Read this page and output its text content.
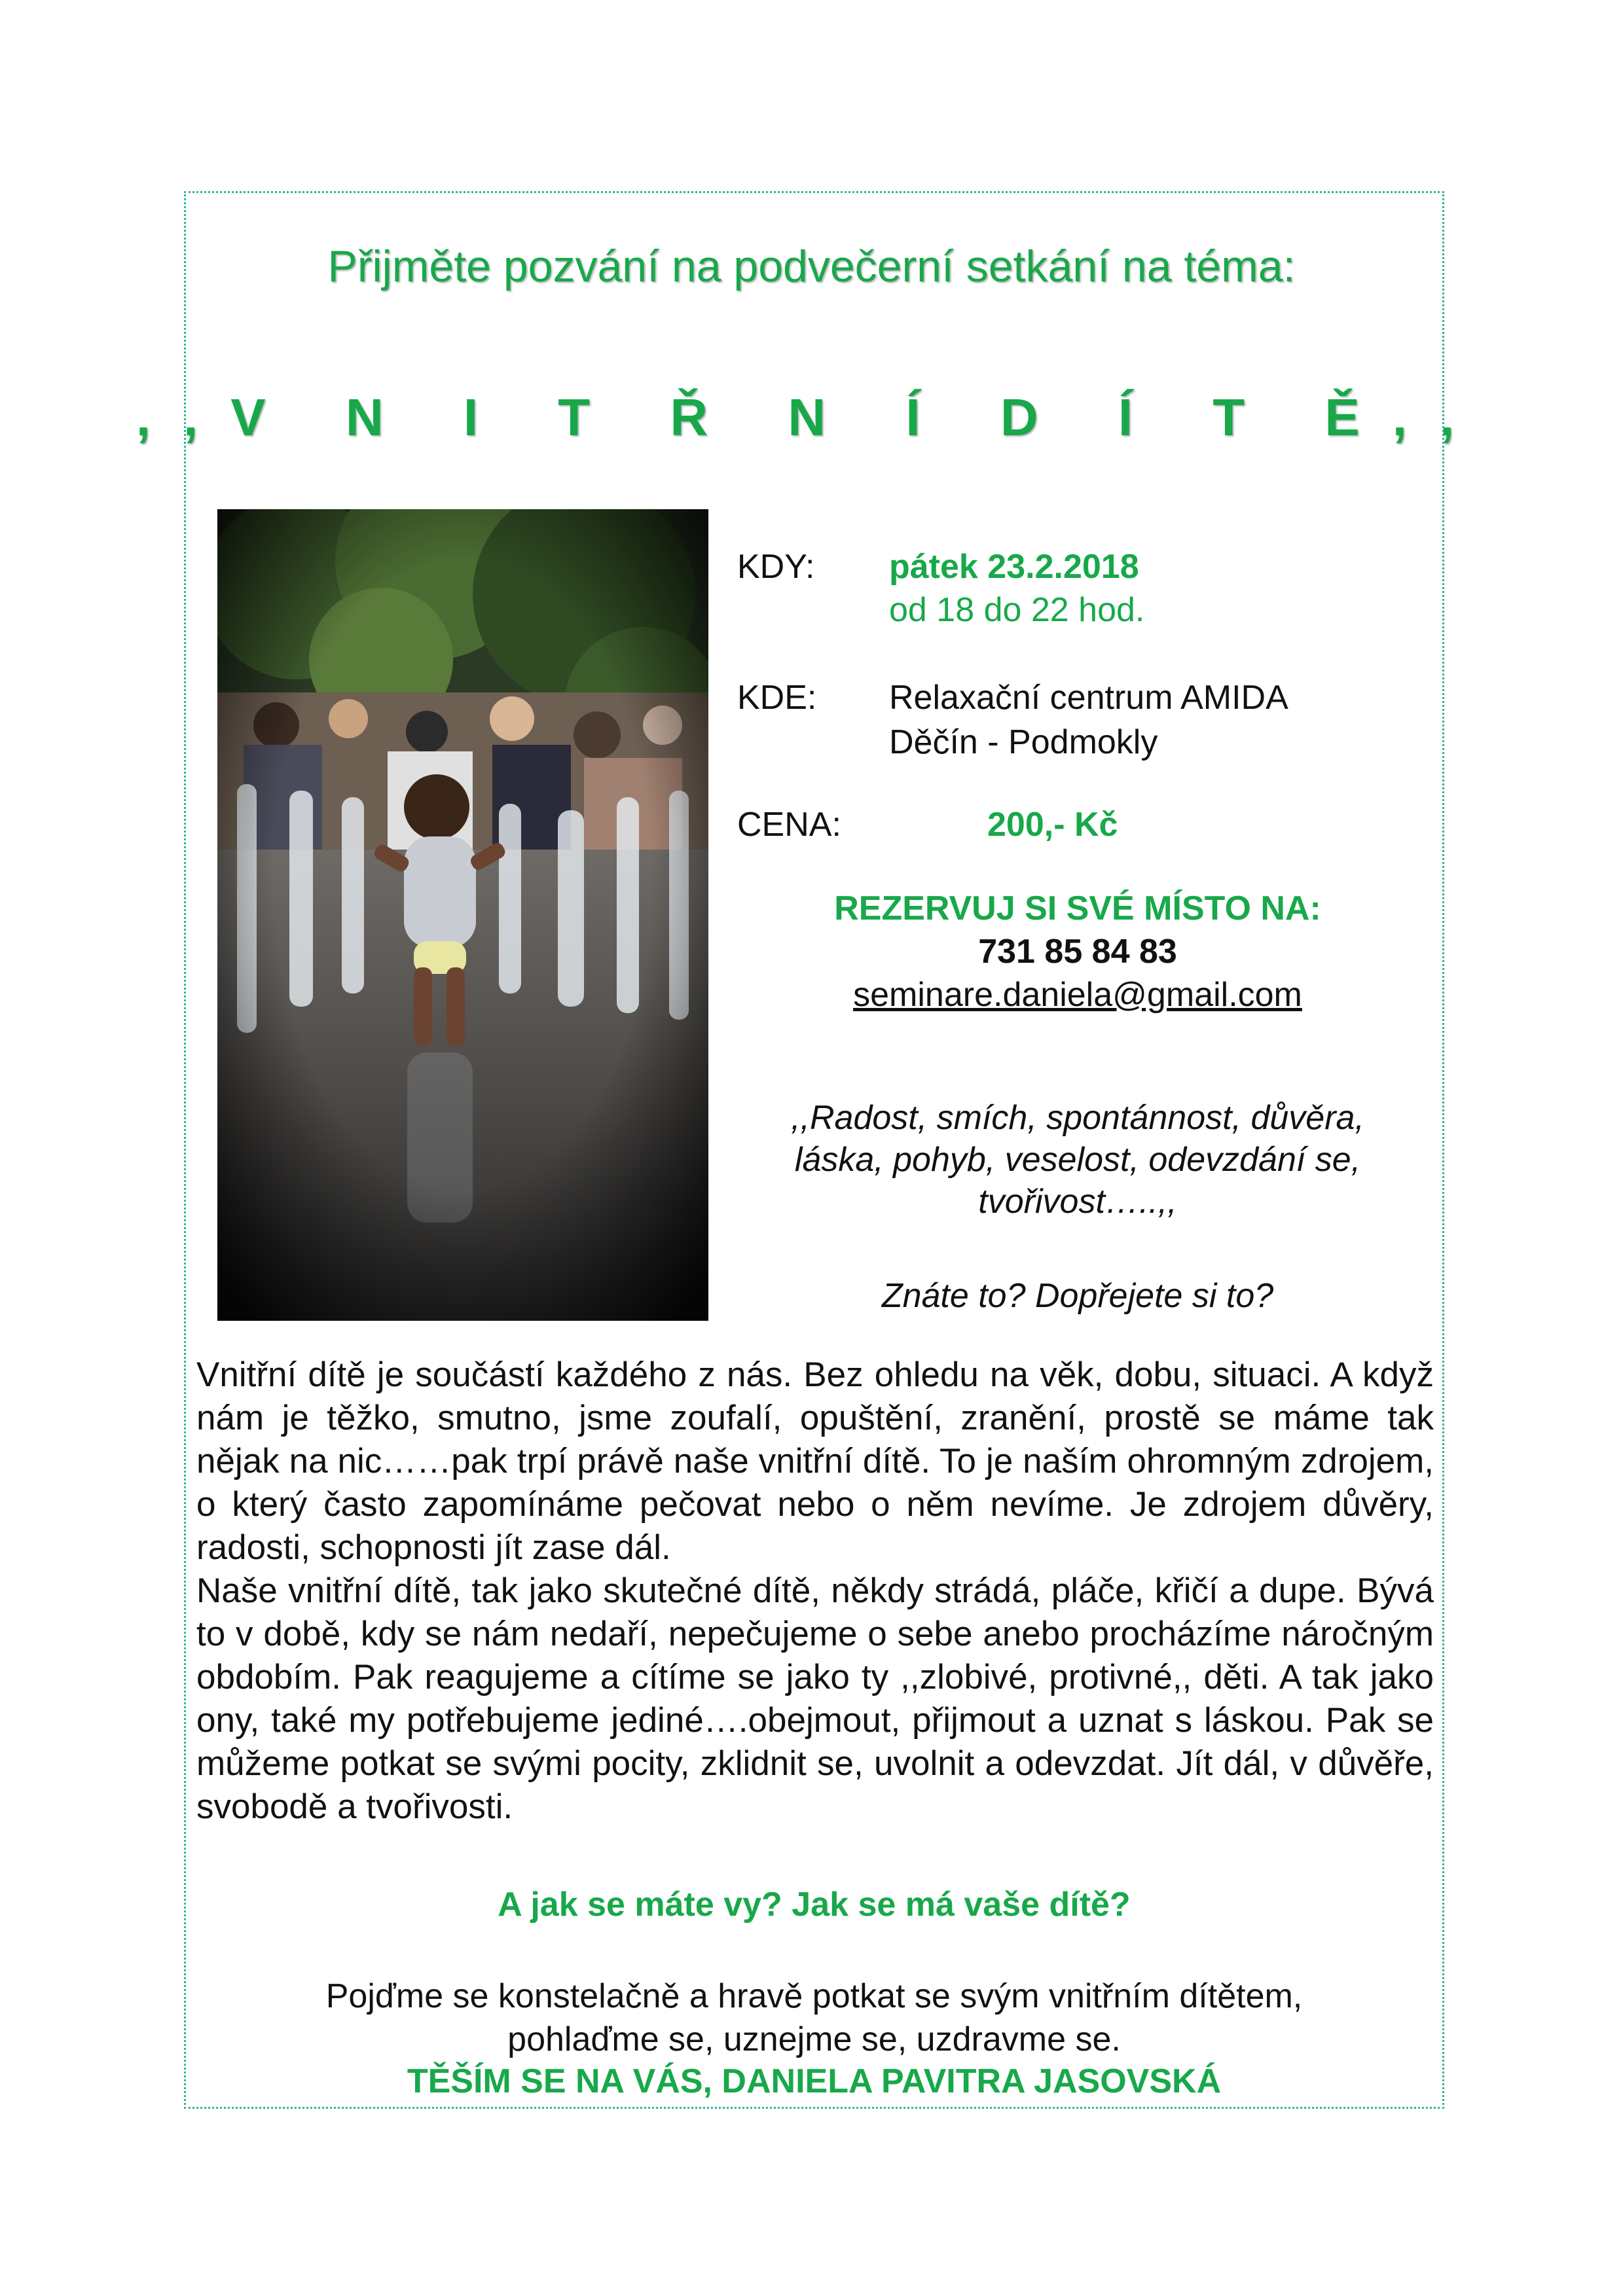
Přijměte pozvání na podvečerní setkání na téma:
,,V N I T Ř N Í D Í T Ě,,
KDY: pátek 23.2.2018
od 18 do 22 hod.
KDE: Relaxační centrum AMIDA
Děčín - Podmokly
CENA:	200,- Kč
REZERVUJ SI SVÉ MÍSTO NA:
731 85 84 83
seminare.daniela@gmail.com
,,Radost, smích, spontánnost, důvěra,
láska, pohyb, veselost, odevzdání se,
tvořivost…..,,
Znáte to? Dopřejete si to?
Vnitřní dítě je součástí každého z nás. Bez ohledu na věk, dobu, situaci. A když nám je těžko, smutno, jsme zoufalí, opuštění, zranění, prostě se máme tak nějak na nic……pak trpí právě naše vnitřní dítě. To je naším ohromným zdrojem, o který často zapomínáme pečovat nebo o něm nevíme. Je zdrojem důvěry, radosti, schopnosti jít zase dál.
Naše vnitřní dítě, tak jako skutečné dítě, někdy strádá, pláče, křičí a dupe. Bývá to v době, kdy se nám nedaří, nepečujeme o sebe anebo procházíme náročným obdobím. Pak reagujeme a cítíme se jako ty ,,zlobivé, protivné,, děti. A tak jako ony, také my potřebujeme jediné….obejmout, přijmout a uznat s láskou. Pak se můžeme potkat se svými pocity, zklidnit se, uvolnit a odevzdat. Jít dál, v důvěře, svobodě a tvořivosti.
A jak se máte vy? Jak se má vaše dítě?
Pojďme se konstelačně a hravě potkat se svým vnitřním dítětem,
pohlaďme se, uznejme se, uzdravme se.
TĚŠÍM SE NA VÁS, DANIELA PAVITRA JASOVSKÁ
